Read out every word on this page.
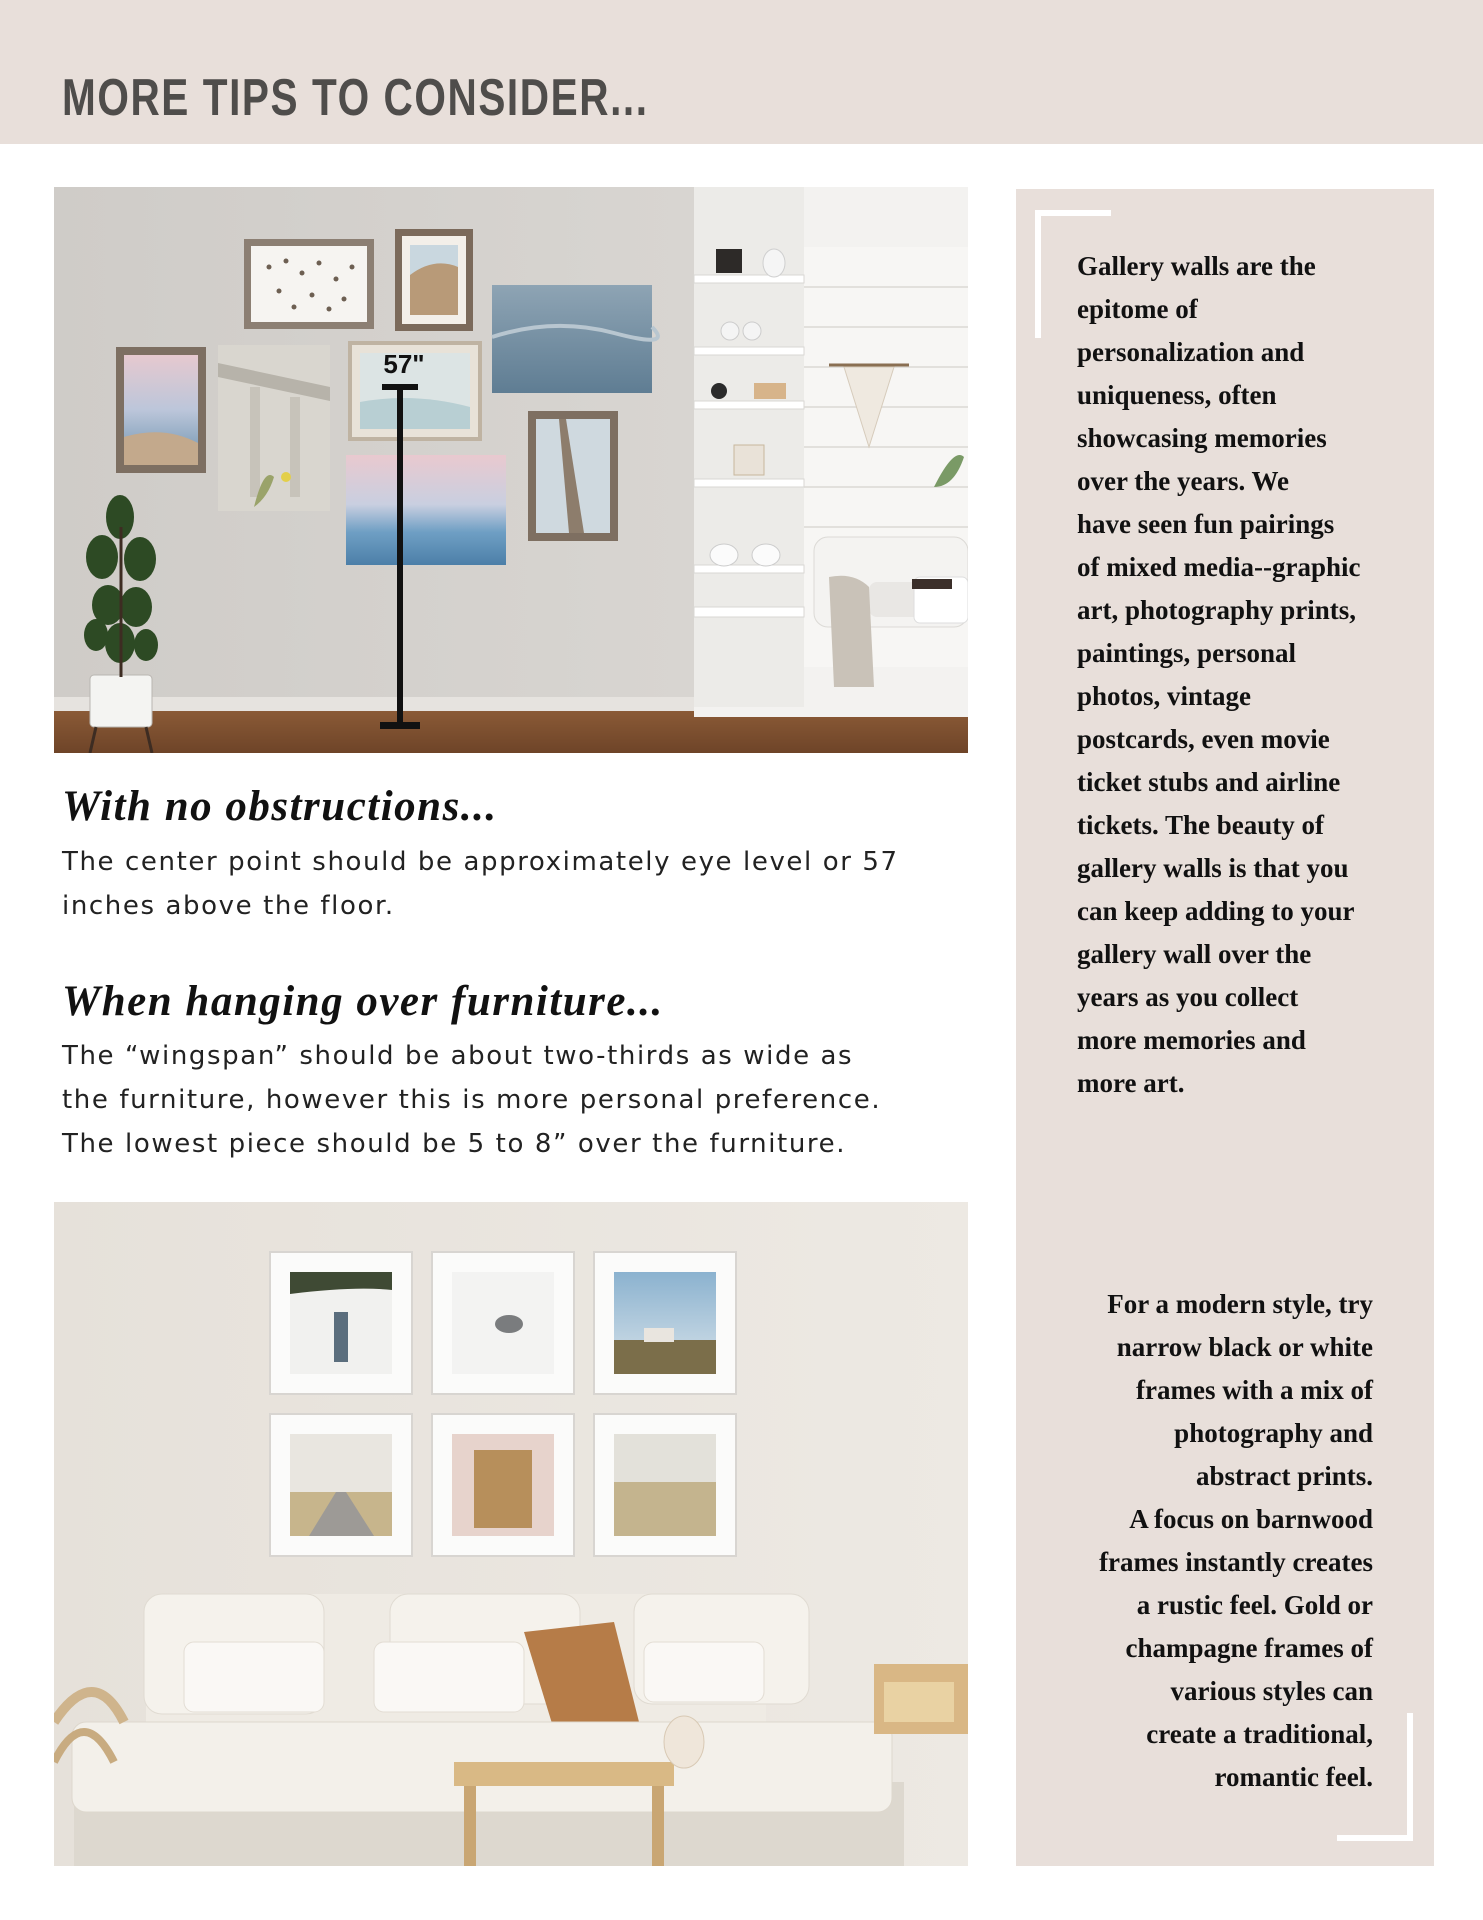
MORE TIPS TO CONSIDER...
57"
With no obstructions...

The center point should be approximately eye level or 57
inches above the floor.

When hanging over furniture...

The “wingspan” should be about two-thirds as wide as
the furniture, however this is more personal preference.
The lowest piece should be 5 to 8” over the furniture.

Gallery walls are the
epitome of
personalization and
uniqueness, often
showcasing memories
over the years. We
have seen fun pairings
of mixed media--graphic
art, photography prints,
paintings, personal
photos, vintage
postcards, even movie
ticket stubs and airline
tickets. The beauty of
gallery walls is that you
can keep adding to your
gallery wall over the
years as you collect
more memories and
more art.

For a modern style, try
narrow black or white
frames with a mix of
photography and
abstract prints.
A focus on barnwood
frames instantly creates
a rustic feel. Gold or
champagne frames of
various styles can
create a traditional,
romantic feel.
